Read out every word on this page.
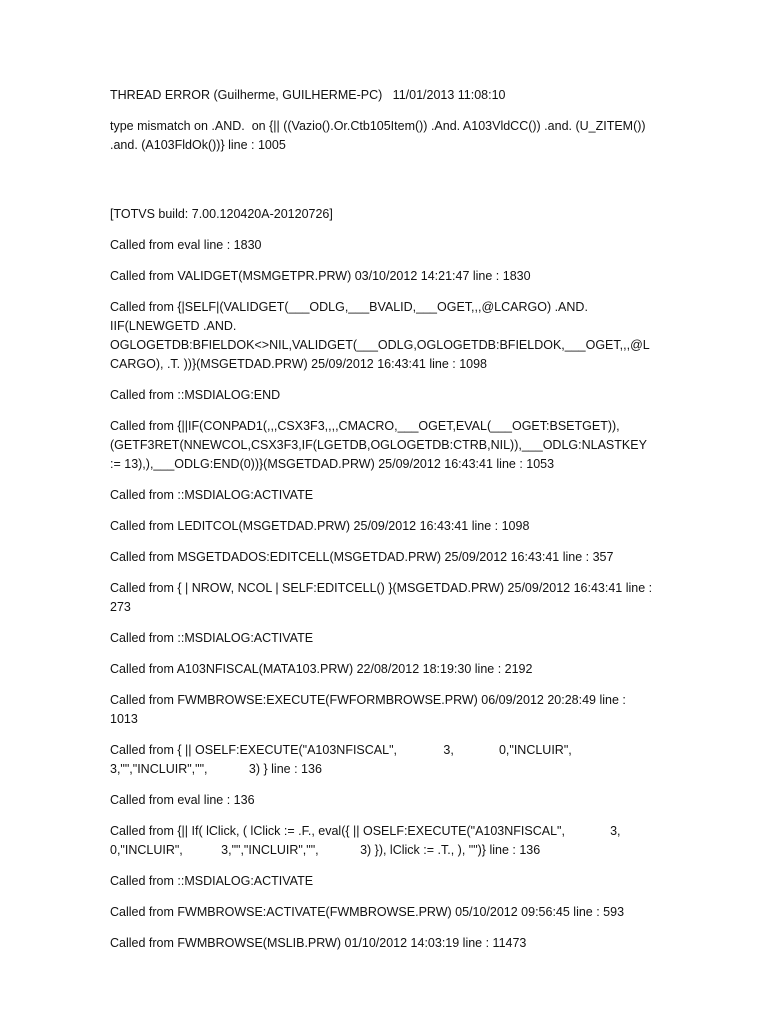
THREAD ERROR (Guilherme, GUILHERME-PC)   11/01/2013 11:08:10

type mismatch on .AND.  on {|| ((Vazio().Or.Ctb105Item()) .And. A103VldCC()) .and. (U_ZITEM()) .and. (A103FldOk())} line : 1005

[TOTVS build: 7.00.120420A-20120726]

Called from eval line : 1830

Called from VALIDGET(MSMGETPR.PRW) 03/10/2012 14:21:47 line : 1830

Called from {|SELF|(VALIDGET(___ODLG,___BVALID,___OGET,,,@LCARGO) .AND. IIF(LNEWGETD .AND. OGLOGETDB:BFIELDOK<>NIL,VALIDGET(___ODLG,OGLOGETDB:BFIELDOK,___OGET,,,@LCARGO), .T. ))}(MSGETDAD.PRW) 25/09/2012 16:43:41 line : 1098

Called from ::MSDIALOG:END

Called from {||IF(CONPAD1(,,,CSX3F3,,,,CMACRO,___OGET,EVAL(___OGET:BSETGET)),(GETF3RET(NNEWCOL,CSX3F3,IF(LGETDB,OGLOGETDB:CTRB,NIL)),___ODLG:NLASTKEY := 13),),___ODLG:END(0))}(MSGETDAD.PRW) 25/09/2012 16:43:41 line : 1053

Called from ::MSDIALOG:ACTIVATE

Called from LEDITCOL(MSGETDAD.PRW) 25/09/2012 16:43:41 line : 1098

Called from MSGETDADOS:EDITCELL(MSGETDAD.PRW) 25/09/2012 16:43:41 line : 357

Called from { | NROW, NCOL | SELF:EDITCELL() }(MSGETDAD.PRW) 25/09/2012 16:43:41 line : 273

Called from ::MSDIALOG:ACTIVATE

Called from A103NFISCAL(MATA103.PRW) 22/08/2012 18:19:30 line : 2192

Called from FWMBROWSE:EXECUTE(FWFORMBROWSE.PRW) 06/09/2012 20:28:49 line : 1013

Called from { || OSELF:EXECUTE("A103NFISCAL",		3,		0,"INCLUIR",		3,"","INCLUIR","",		3) } line : 136

Called from eval line : 136

Called from {|| If( lClick, ( lClick := .F., eval({ || OSELF:EXECUTE("A103NFISCAL",		3,		0,"INCLUIR",		3,"","INCLUIR","",		3) }), lClick := .T., ), "")} line : 136

Called from ::MSDIALOG:ACTIVATE

Called from FWMBROWSE:ACTIVATE(FWMBROWSE.PRW) 05/10/2012 09:56:45 line : 593

Called from FWMBROWSE(MSLIB.PRW) 01/10/2012 14:03:19 line : 11473
